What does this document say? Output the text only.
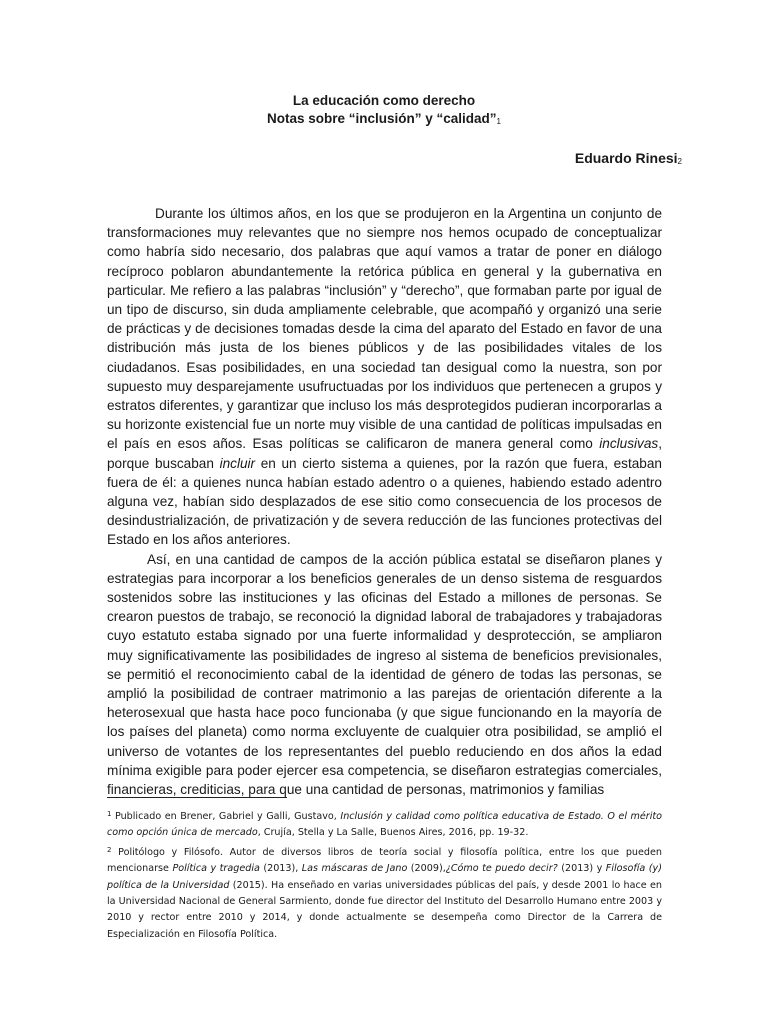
La educación como derecho
Notas sobre “inclusión” y “calidad”1
Eduardo Rinesi2

Durante los últimos años, en los que se produjeron en la Argentina un conjunto de transformaciones muy relevantes que no siempre nos hemos ocupado de conceptualizar como habría sido necesario, dos palabras que aquí vamos a tratar de poner en diálogo recíproco poblaron abundantemente la retórica pública en general y la gubernativa en particular. Me refiero a las palabras “inclusión” y “derecho”, que formaban parte por igual de un tipo de discurso, sin duda ampliamente celebrable, que acompañó y organizó una serie de prácticas y de decisiones tomadas desde la cima del aparato del Estado en favor de una distribución más justa de los bienes públicos y de las posibilidades vitales de los ciudadanos. Esas posibilidades, en una sociedad tan desigual como la nuestra, son por supuesto muy desparejamente usufructuadas por los individuos que pertenecen a grupos y estratos diferentes, y garantizar que incluso los más desprotegidos pudieran incorporarlas a su horizonte existencial fue un norte muy visible de una cantidad de políticas impulsadas en el país en esos años. Esas políticas se calificaron de manera general como inclusivas, porque buscaban incluir en un cierto sistema a quienes, por la razón que fuera, estaban fuera de él: a quienes nunca habían estado adentro o a quienes, habiendo estado adentro alguna vez, habían sido desplazados de ese sitio como consecuencia de los procesos de desindustrialización, de privatización y de severa reducción de las funciones protectivas del Estado en los años anteriores.

Así, en una cantidad de campos de la acción pública estatal se diseñaron planes y estrategias para incorporar a los beneficios generales de un denso sistema de resguardos sostenidos sobre las instituciones y las oficinas del Estado a millones de personas. Se crearon puestos de trabajo, se reconoció la dignidad laboral de trabajadores y trabajadoras cuyo estatuto estaba signado por una fuerte informalidad y desprotección, se ampliaron muy significativamente las posibilidades de ingreso al sistema de beneficios previsionales, se permitió el reconocimiento cabal de la identidad de género de todas las personas, se amplió la posibilidad de contraer matrimonio a las parejas de orientación diferente a la heterosexual que hasta hace poco funcionaba (y que sigue funcionando en la mayoría de los países del planeta) como norma excluyente de cualquier otra posibilidad, se amplió el universo de votantes de los representantes del pueblo reduciendo en dos años la edad mínima exigible para poder ejercer esa competencia, se diseñaron estrategias comerciales, financieras, crediticias, para que una cantidad de personas, matrimonios y familias

$^1$ Publicado en Brener, Gabriel y Galli, Gustavo, Inclusión y calidad como política educativa de Estado. O el mérito como opción única de mercado, Crujía, Stella y La Salle, Buenos Aires, 2016, pp. 19-32.

$^2$ Politólogo y Filósofo. Autor de diversos libros de teoría social y filosofía política, entre los que pueden mencionarse Política y tragedia (2013), Las máscaras de Jano (2009),¿Cómo te puedo decir? (2013) y Filosofía (y) política de la Universidad (2015). Ha enseñado en varias universidades públicas del país, y desde 2001 lo hace en la Universidad Nacional de General Sarmiento, donde fue director del Instituto del Desarrollo Humano entre 2003 y 2010 y rector entre 2010 y 2014, y donde actualmente se desempeña como Director de la Carrera de Especialización en Filosofía Política.
